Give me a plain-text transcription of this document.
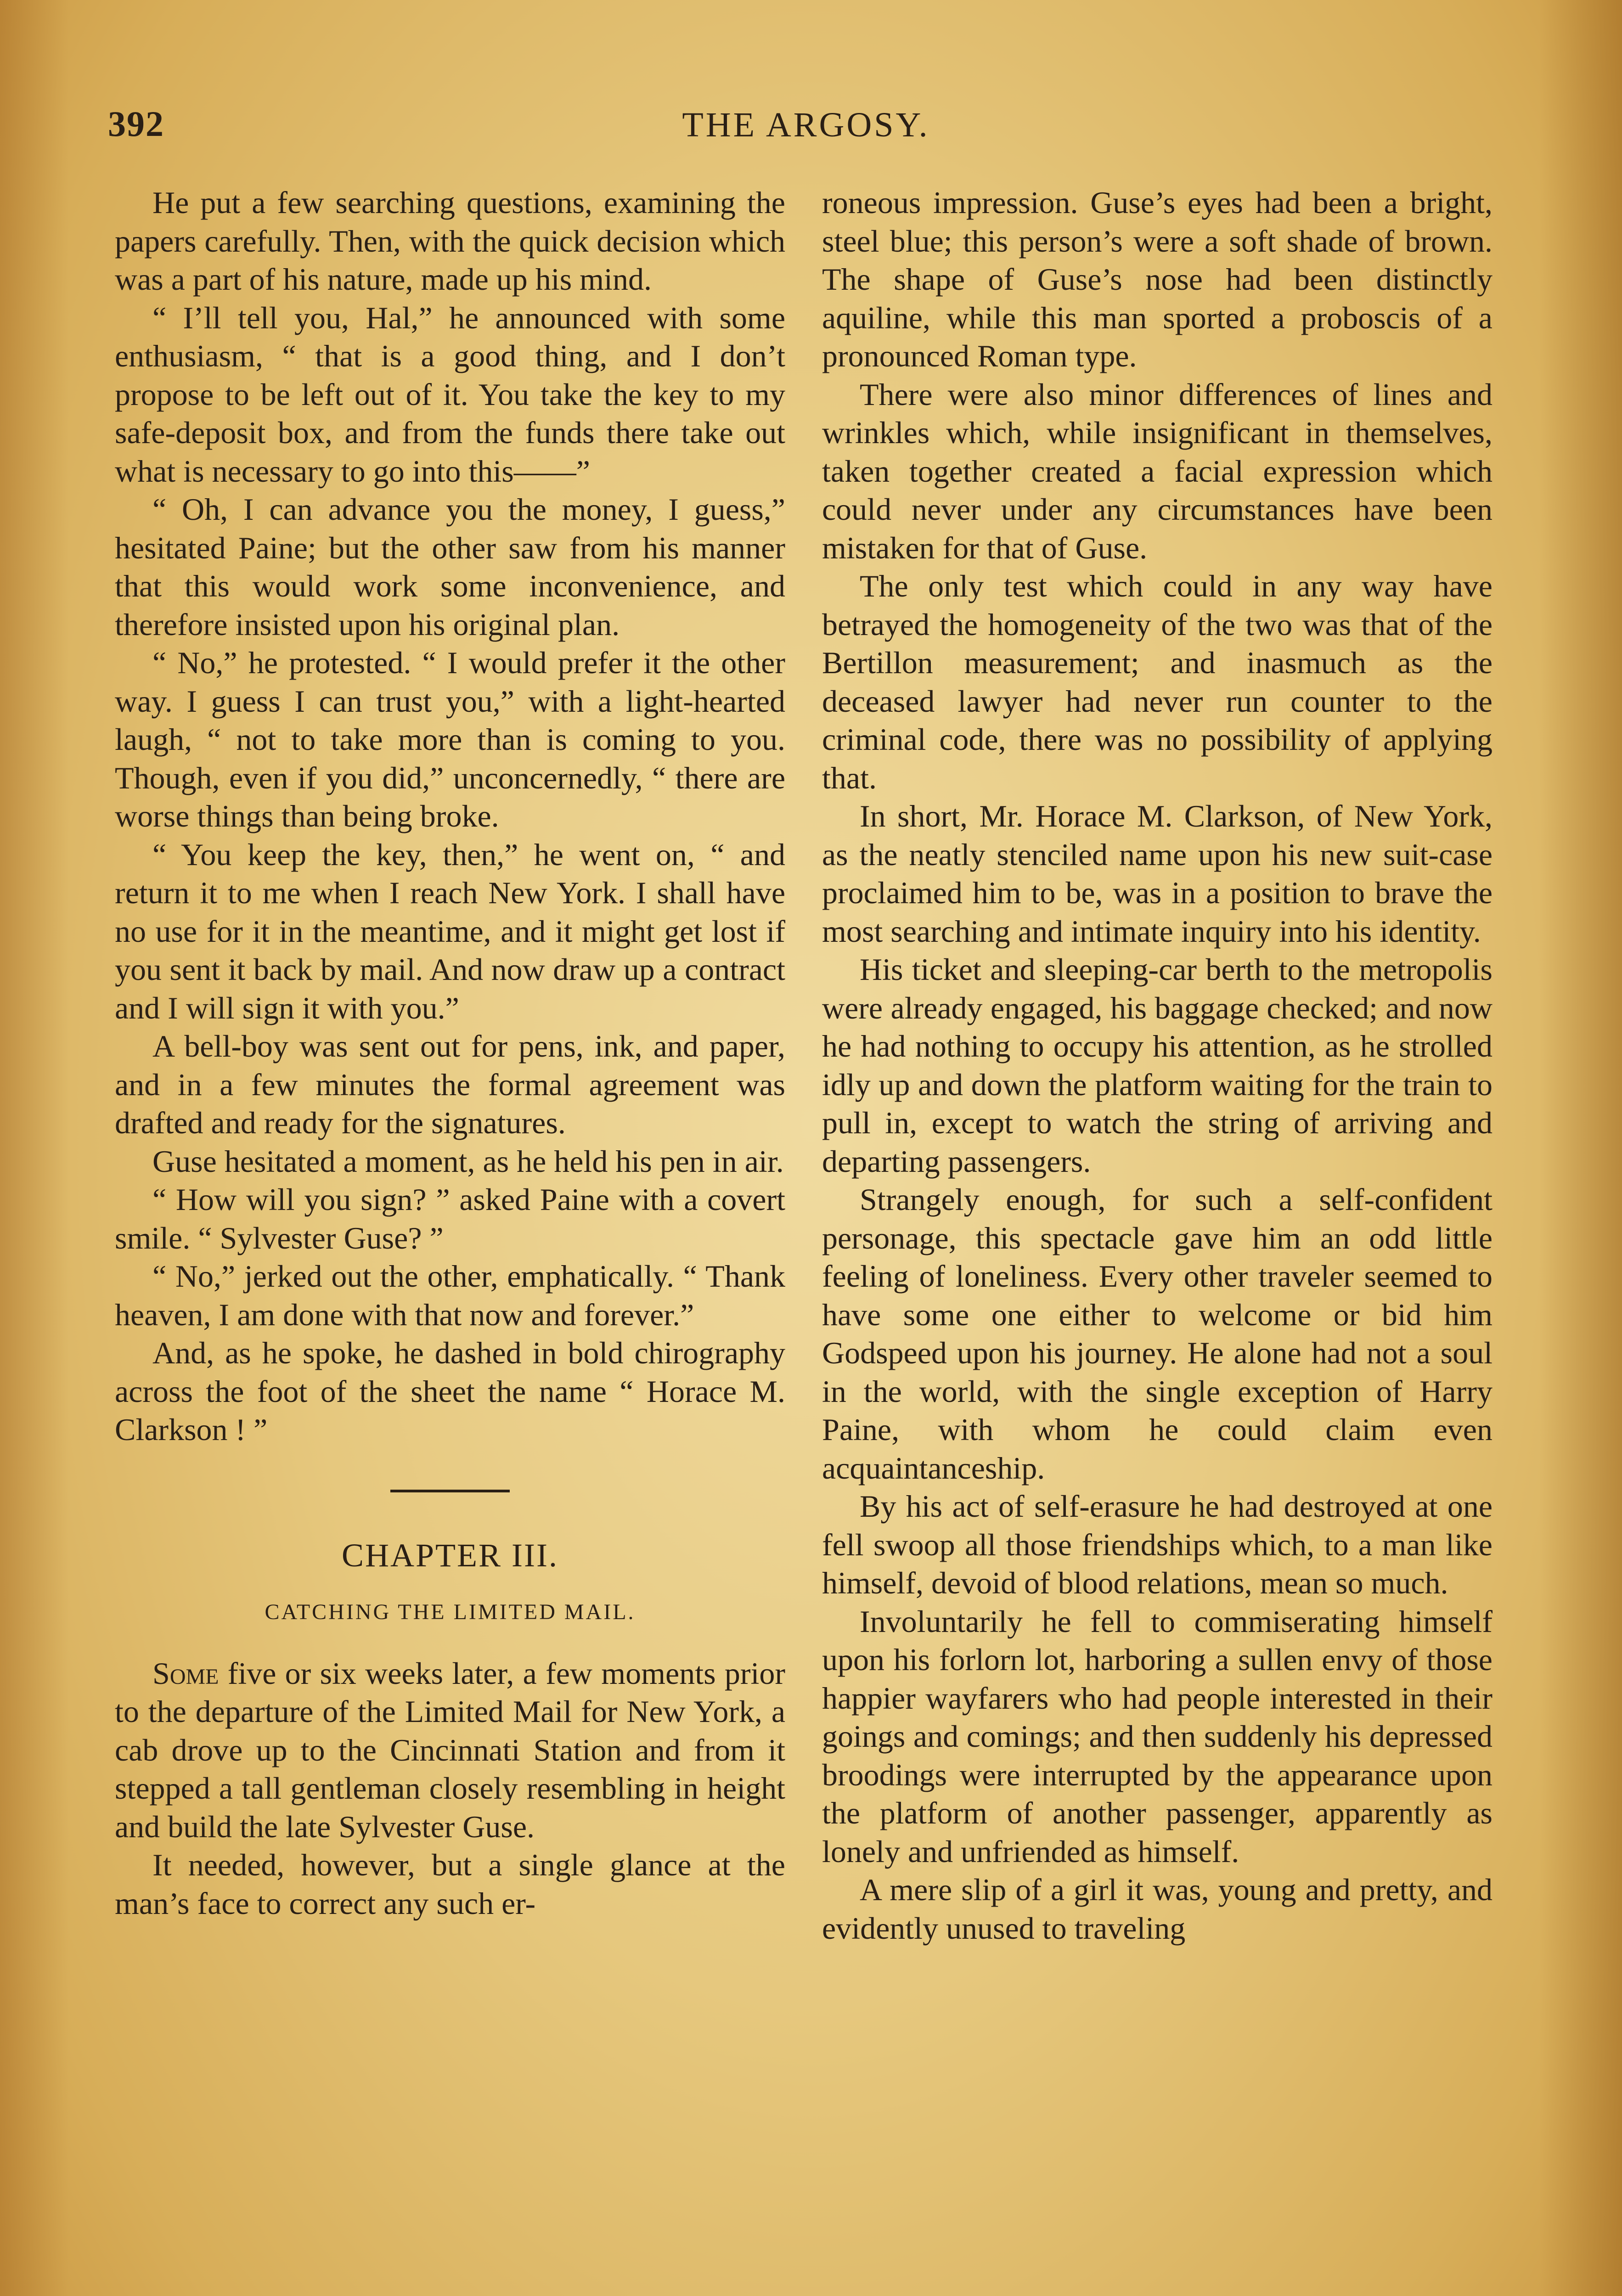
392	THE ARGOSY.

He put a few searching questions, examining the papers carefully. Then, with the quick decision which was a part of his nature, made up his mind.

“ I’ll tell you, Hal,” he announced with some enthusiasm, “ that is a good thing, and I don’t propose to be left out of it. You take the key to my safe-deposit box, and from the funds there take out what is necessary to go into this——”

“ Oh, I can advance you the money, I guess,” hesitated Paine; but the other saw from his manner that this would work some inconvenience, and therefore insisted upon his original plan.

“ No,” he protested. “ I would prefer it the other way. I guess I can trust you,” with a light-hearted laugh, “ not to take more than is coming to you. Though, even if you did,” unconcernedly, “ there are worse things than being broke.

“ You keep the key, then,” he went on, “ and return it to me when I reach New York. I shall have no use for it in the meantime, and it might get lost if you sent it back by mail. And now draw up a contract and I will sign it with you.”

A bell-boy was sent out for pens, ink, and paper, and in a few minutes the formal agreement was drafted and ready for the signatures.

Guse hesitated a moment, as he held his pen in air.

“ How will you sign? ” asked Paine with a covert smile. “ Sylvester Guse? ”

“ No,” jerked out the other, emphatically. “ Thank heaven, I am done with that now and forever.”

And, as he spoke, he dashed in bold chirography across the foot of the sheet the name “ Horace M. Clarkson ! ”

CHAPTER III.

CATCHING THE LIMITED MAIL.

Some five or six weeks later, a few moments prior to the departure of the Limited Mail for New York, a cab drove up to the Cincinnati Station and from it stepped a tall gentleman closely resembling in height and build the late Sylvester Guse.

It needed, however, but a single glance at the man’s face to correct any such er-

roneous impression. Guse’s eyes had been a bright, steel blue; this person’s were a soft shade of brown. The shape of Guse’s nose had been distinctly aquiline, while this man sported a proboscis of a pronounced Roman type.

There were also minor differences of lines and wrinkles which, while insignificant in themselves, taken together created a facial expression which could never under any circumstances have been mistaken for that of Guse.

The only test which could in any way have betrayed the homogeneity of the two was that of the Bertillon measurement; and inasmuch as the deceased lawyer had never run counter to the criminal code, there was no possibility of applying that.

In short, Mr. Horace M. Clarkson, of New York, as the neatly stenciled name upon his new suit-case proclaimed him to be, was in a position to brave the most searching and intimate inquiry into his identity.

His ticket and sleeping-car berth to the metropolis were already engaged, his baggage checked; and now he had nothing to occupy his attention, as he strolled idly up and down the platform waiting for the train to pull in, except to watch the string of arriving and departing passengers.

Strangely enough, for such a self-confident personage, this spectacle gave him an odd little feeling of loneliness. Every other traveler seemed to have some one either to welcome or bid him Godspeed upon his journey. He alone had not a soul in the world, with the single exception of Harry Paine, with whom he could claim even acquaintanceship.

By his act of self-erasure he had destroyed at one fell swoop all those friendships which, to a man like himself, devoid of blood relations, mean so much.

Involuntarily he fell to commiserating himself upon his forlorn lot, harboring a sullen envy of those happier wayfarers who had people interested in their goings and comings; and then suddenly his depressed broodings were interrupted by the appearance upon the platform of another passenger, apparently as lonely and unfriended as himself.

A mere slip of a girl it was, young and pretty, and evidently unused to traveling
